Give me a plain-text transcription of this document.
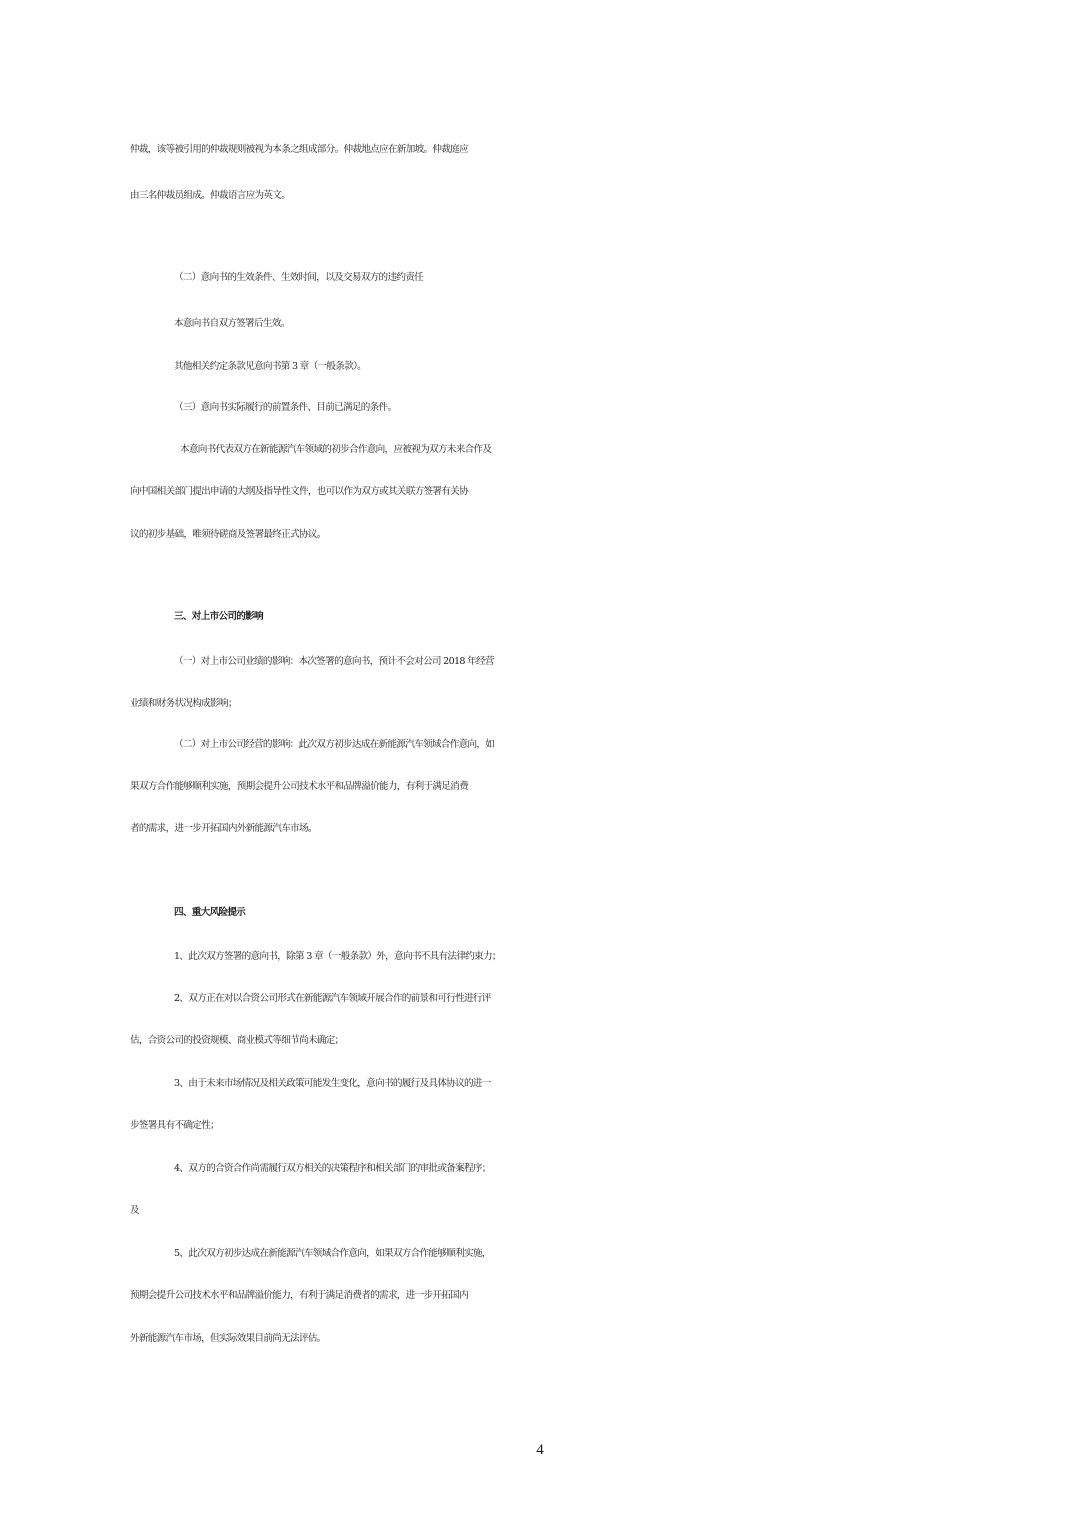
仲裁，该等被引用的仲裁规则被视为本条之组成部分。仲裁地点应在新加坡。仲裁庭应
由三名仲裁员组成。仲裁语言应为英文。
（二）意向书的生效条件、生效时间，以及交易双方的违约责任
本意向书自双方签署后生效。
其他相关约定条款见意向书第 3 章（一般条款）。
（三）意向书实际履行的前置条件、目前已满足的条件。
本意向书代表双方在新能源汽车领域的初步合作意向，应被视为双方未来合作及
向中国相关部门提出申请的大纲及指导性文件，也可以作为双方或其关联方签署有关协
议的初步基础，唯须待磋商及签署最终正式协议。
三、对上市公司的影响
（一）对上市公司业绩的影响：本次签署的意向书，预计不会对公司 2018 年经营
业绩和财务状况构成影响；
（二）对上市公司经营的影响：此次双方初步达成在新能源汽车领域合作意向，如
果双方合作能够顺利实施，预期会提升公司技术水平和品牌溢价能力，有利于满足消费
者的需求，进一步开拓国内外新能源汽车市场。
四、重大风险提示
1、此次双方签署的意向书，除第 3 章（一般条款）外，意向书不具有法律约束力；
2、双方正在对以合资公司形式在新能源汽车领域开展合作的前景和可行性进行评
估，合资公司的投资规模、商业模式等细节尚未确定；
3、由于未来市场情况及相关政策可能发生变化，意向书的履行及具体协议的进一
步签署具有不确定性；
4、双方的合资合作尚需履行双方相关的决策程序和相关部门的审批或备案程序；
及
5、此次双方初步达成在新能源汽车领域合作意向，如果双方合作能够顺利实施，
预期会提升公司技术水平和品牌溢价能力，有利于满足消费者的需求，进一步开拓国内
外新能源汽车市场，但实际效果目前尚无法评估。
4
